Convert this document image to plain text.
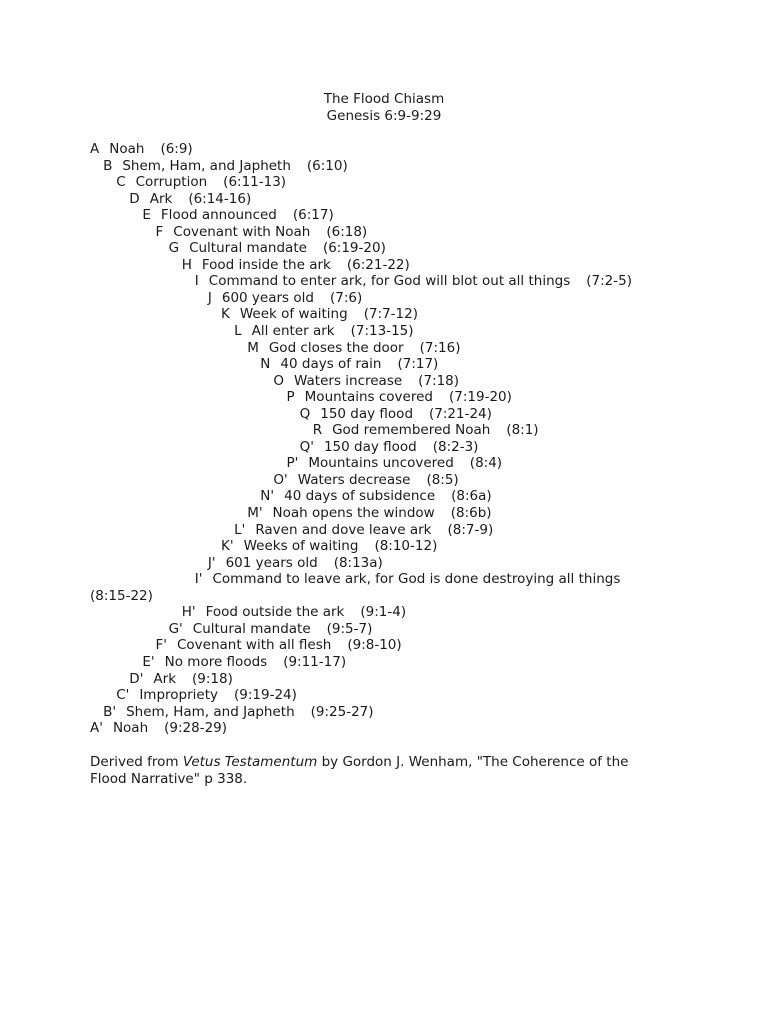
The Flood Chiasm
Genesis 6:9-9:29
A Noah (6:9)
B Shem, Ham, and Japheth (6:10)
C Corruption (6:11-13)
D Ark (6:14-16)
E Flood announced (6:17)
F Covenant with Noah (6:18)
G Cultural mandate (6:19-20)
H Food inside the ark (6:21-22)
I Command to enter ark, for God will blot out all things (7:2-5)
J 600 years old (7:6)
K Week of waiting (7:7-12)
L All enter ark (7:13-15)
M God closes the door (7:16)
N 40 days of rain (7:17)
O Waters increase (7:18)
P Mountains covered (7:19-20)
Q 150 day flood (7:21-24)
R God remembered Noah (8:1)
Q' 150 day flood (8:2-3)
P' Mountains uncovered (8:4)
O' Waters decrease (8:5)
N' 40 days of subsidence (8:6a)
M' Noah opens the window (8:6b)
L' Raven and dove leave ark (8:7-9)
K' Weeks of waiting (8:10-12)
J' 601 years old (8:13a)
I' Command to leave ark, for God is done destroying all things
(8:15-22)
H' Food outside the ark (9:1-4)
G' Cultural mandate (9:5-7)
F' Covenant with all flesh (9:8-10)
E' No more floods (9:11-17)
D' Ark (9:18)
C' Impropriety (9:19-24)
B' Shem, Ham, and Japheth (9:25-27)
A' Noah (9:28-29)
Derived from Vetus Testamentum by Gordon J. Wenham, "The Coherence of the Flood Narrative" p 338.
